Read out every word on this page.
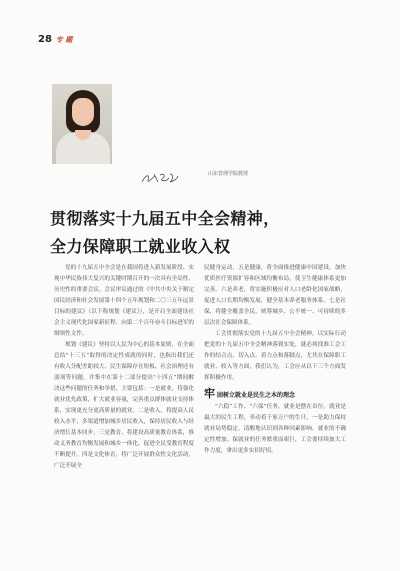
28 专 题
山东管理学院教授
贯彻落实十九届五中全会精神，
全力保障职工就业收入权

党的十九届五中全会是在我国将进入新发展阶段、实现中华民族伟大复兴的关键时期召开的一次具有全局性、历史性的重要会议。会议审议通过的《中共中央关于制定国民经济和社会发展第十四个五年规划和二〇三五年远景目标的建议》（以下称规划《建议》），是开启全面建设社会主义现代化国家新征程、向第二个百年奋斗目标进军的纲领性文件。

规划《建议》坚持以人民为中心的基本原则，在全面总结“十三五”取得的决定性成就的同时，也指出我们还有收入分配差距较大、民生保障存在短板、社会治理还有弱项等问题，并集中在第十二部分提出“十四五”期间解决这些问题的任务和举措，主要包括：一是就业，将强化就业优先政策，扩大就业容量，完善重点群体就业支持体系，实现更充分更高质量的就业。二是收入，将提高人民收入水平，多渠道增加城乡居民收入，保持居民收入与经济增长基本同步。三是教育，将建设高质量教育体系，推动义务教育均衡发展和城乡一体化，促进全民受教育程度不断提升。四是文化体育，将广泛开展群众性文化活动，广泛开展全

民健身运动，五是健康，将全面推进健康中国建设，加快优质医疗资源扩容和区域均衡布局，使卫生健康体系更加完善。六是养老，将实施积极应对人口老龄化国家战略，促进人口长期均衡发展，健全基本养老服务体系。七是社保，将健全覆盖全民、统筹城乡、公平统一、可持续的多层次社会保障体系。

工会贯彻落实党的十九届五中全会精神，以实际行动把党的十九届五中全会精神落到实处，就必须找准工会工作的结合点、切入点、着力点和落脚点，尤其在保障职工就业、收入等方面，我们认为，工会应从以下三个方面发挥积极作用。

牢 固树立就业是民生之本的理念

“六稳”工作、“六保”任务，就业是摆在首位。就业是最大的民生工程，牵动着千家万户的生计，一是助力保持就业局势稳定。清醒地认识到各种因素影响，就业的不确定性增加。保就业的任务繁重而艰巨，工会要持续加大工作力度，拿出更多实招好招。
